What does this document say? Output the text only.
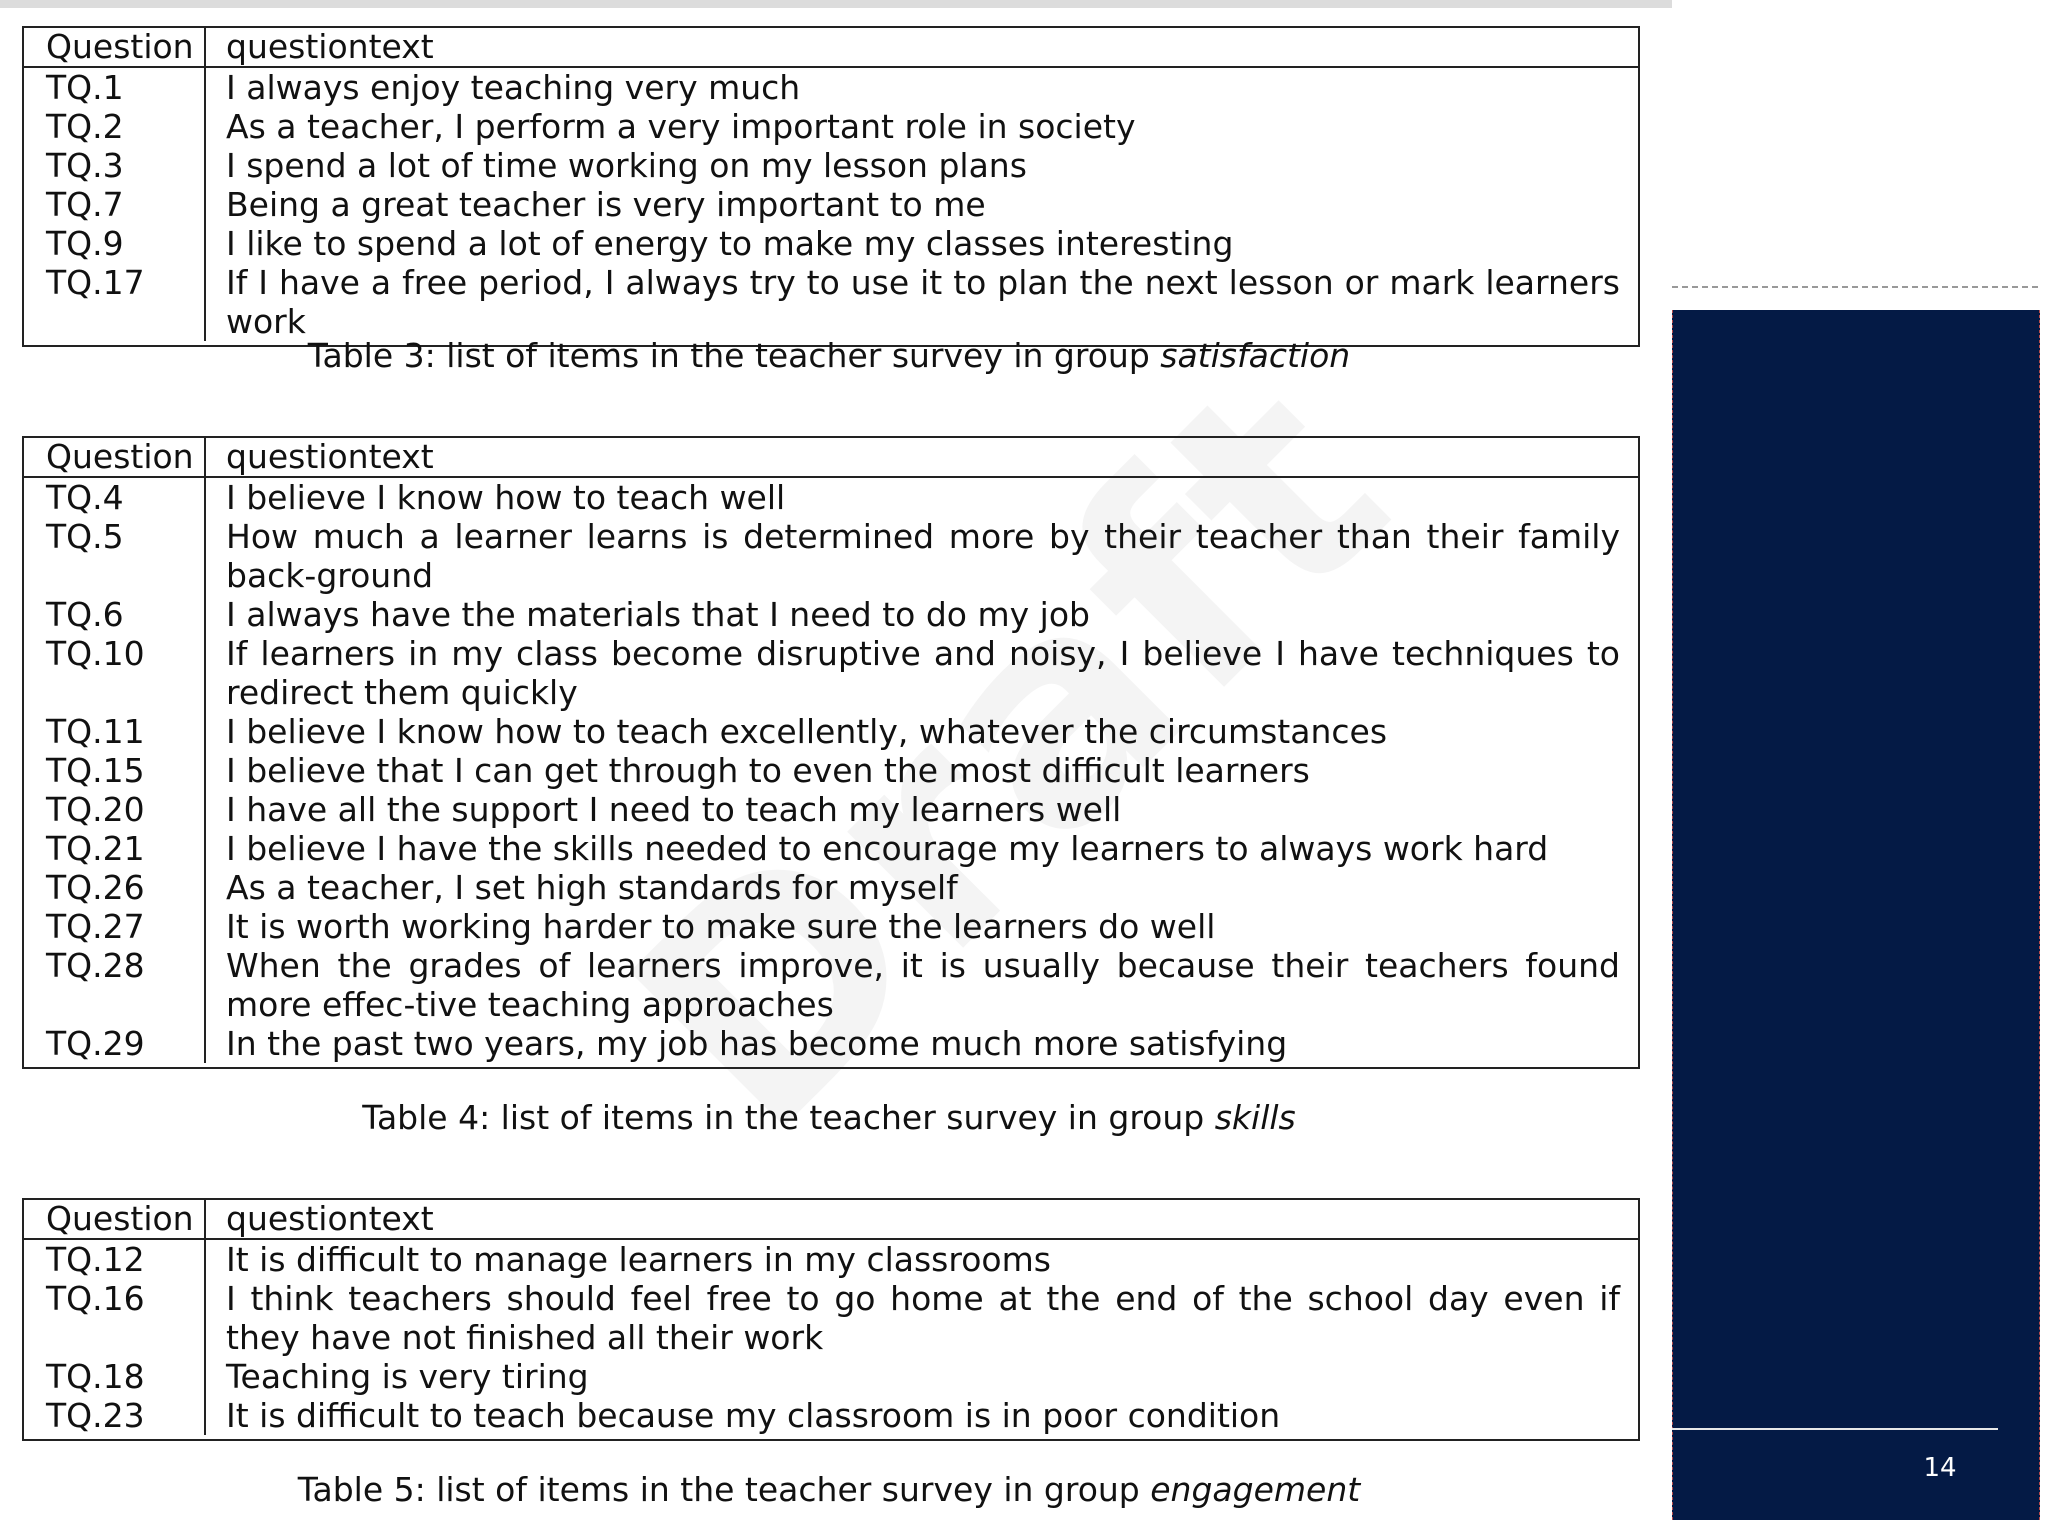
Question questiontext
TQ.1	I always enjoy teaching very much
TQ.2	As a teacher, I perform a very important role in society
TQ.3	I spend a lot of time working on my lesson plans
TQ.7	Being a great teacher is very important to me
TQ.9	I like to spend a lot of energy to make my classes interesting
TQ.17	If I have a free period, I always try to use it to plan the next lesson or mark learners work
Table 3: list of items in the teacher survey in group satisfaction
Question questiontext
TQ.4	I believe I know how to teach well
TQ.5	How much a learner learns is determined more by their teacher than their family back-ground
TQ.6	I always have the materials that I need to do my job
TQ.10	If learners in my class become disruptive and noisy, I believe I have techniques to redirect them quickly
TQ.11	I believe I know how to teach excellently, whatever the circumstances
TQ.15	I believe that I can get through to even the most difficult learners
TQ.20	I have all the support I need to teach my learners well
TQ.21	I believe I have the skills needed to encourage my learners to always work hard
TQ.26	As a teacher, I set high standards for myself
TQ.27	It is worth working harder to make sure the learners do well
TQ.28	When the grades of learners improve, it is usually because their teachers found more effec-tive teaching approaches
TQ.29	In the past two years, my job has become much more satisfying
Table 4: list of items in the teacher survey in group skills
Question questiontext
TQ.12	It is difficult to manage learners in my classrooms
TQ.16	I think teachers should feel free to go home at the end of the school day even if they have not finished all their work
TQ.18	Teaching is very tiring
TQ.23	It is difficult to teach because my classroom is in poor condition
Table 5: list of items in the teacher survey in group engagement
14
